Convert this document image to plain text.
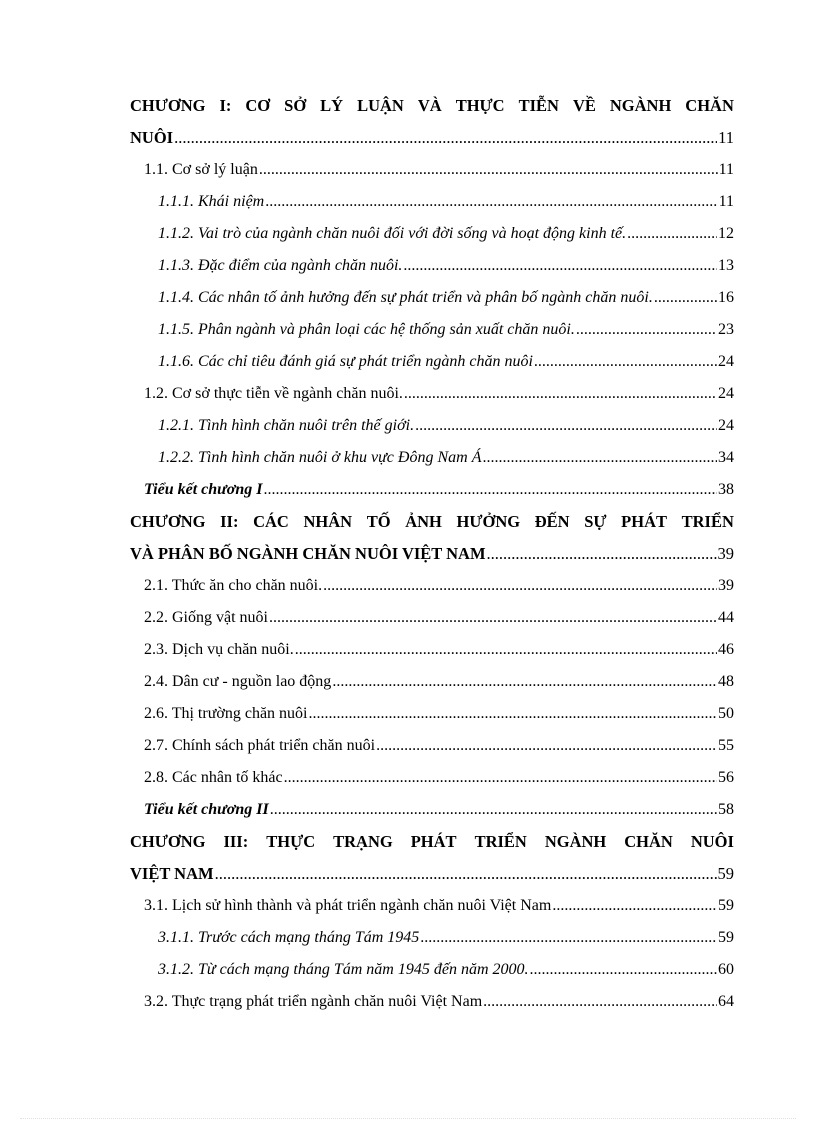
CHƯƠNG I: CƠ SỞ LÝ LUẬN VÀ THỰC TIỄN VỀ NGÀNH CHĂN
NUÔI .....	11
1.1. Cơ sở lý luận .....	11
1.1.1. Khái niệm .....	11
1.1.2. Vai trò của ngành chăn nuôi đối với đời sống và hoạt động kinh tế. .....	12
1.1.3. Đặc điểm của ngành chăn nuôi. .....	13
1.1.4. Các nhân tố ảnh hưởng đến sự phát triển và phân bố ngành chăn nuôi. .....	16
1.1.5. Phân ngành và phân loại các hệ thống sản xuất chăn nuôi. .....	23
1.1.6. Các chỉ tiêu đánh giá sự phát triển ngành chăn nuôi .....	24
1.2. Cơ sở thực tiễn về ngành chăn nuôi. .....	24
1.2.1. Tình hình chăn nuôi trên thế giới. .....	24
1.2.2. Tình hình chăn nuôi ở khu vực Đông Nam Á .....	34
Tiểu kết chương I .....	38
CHƯƠNG II: CÁC NHÂN TỐ ẢNH HƯỞNG ĐẾN SỰ PHÁT TRIỂN
VÀ PHÂN BỐ NGÀNH CHĂN NUÔI VIỆT NAM .....	39
2.1. Thức ăn cho chăn nuôi. .....	39
2.2. Giống vật nuôi .....	44
2.3. Dịch vụ chăn nuôi. .....	46
2.4. Dân cư - nguồn lao động .....	48
2.6. Thị trường chăn nuôi .....	50
2.7. Chính sách phát triển chăn nuôi .....	55
2.8. Các nhân tố khác .....	56
Tiểu kết chương II .....	58
CHƯƠNG III: THỰC TRẠNG PHÁT TRIỂN NGÀNH CHĂN NUÔI
VIỆT NAM .....	59
3.1. Lịch sử hình thành và phát triển ngành chăn nuôi Việt Nam .....	59
3.1.1. Trước cách mạng tháng Tám 1945 .....	59
3.1.2. Từ cách mạng tháng Tám năm 1945 đến năm 2000. .....	60
3.2. Thực trạng phát triển ngành chăn nuôi Việt Nam .....	64
